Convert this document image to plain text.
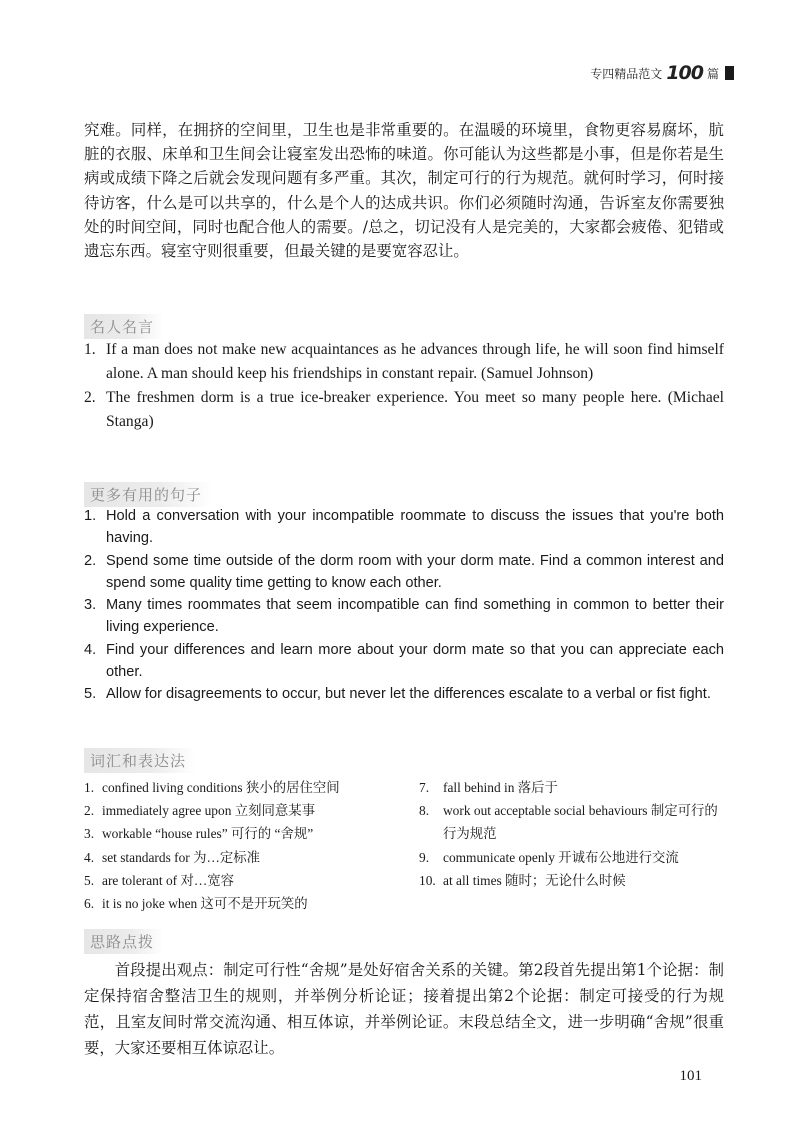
专四精品范文 100 篇
究难。同样，在拥挤的空间里，卫生也是非常重要的。在温暖的环境里，食物更容易腐坏，肮脏的衣服、床单和卫生间会让寝室发出恐怖的味道。你可能认为这些都是小事，但是你若是生病或成绩下降之后就会发现问题有多严重。其次，制定可行的行为规范。就何时学习，何时接待访客，什么是可以共享的，什么是个人的达成共识。你们必须随时沟通，告诉室友你需要独处的时间空间，同时也配合他人的需要。/总之，切记没有人是完美的，大家都会疲倦、犯错或遗忘东西。寝室守则很重要，但最关键的是要宽容忍让。
名人名言
1. If a man does not make new acquaintances as he advances through life, he will soon find himself alone. A man should keep his friendships in constant repair. (Samuel Johnson)
2. The freshmen dorm is a true ice-breaker experience. You meet so many people here. (Michael Stanga)
更多有用的句子
1. Hold a conversation with your incompatible roommate to discuss the issues that you're both having.
2. Spend some time outside of the dorm room with your dorm mate. Find a common interest and spend some quality time getting to know each other.
3. Many times roommates that seem incompatible can find something in common to better their living experience.
4. Find your differences and learn more about your dorm mate so that you can appreciate each other.
5. Allow for disagreements to occur, but never let the differences escalate to a verbal or fist fight.
词汇和表达法
1. confined living conditions 狭小的居住空间
2. immediately agree upon 立刻同意某事
3. workable “house rules” 可行的 “舍规”
4. set standards for 为…定标准
5. are tolerant of 对…宽容
6. it is no joke when 这可不是开玩笑的
7. fall behind in 落后于
8. work out acceptable social behaviours 制定可行的行为规范
9. communicate openly 开诚布公地进行交流
10. at all times 随时；无论什么时候
思路点拨
首段提出观点：制定可行性“舍规”是处好宿舍关系的关键。第2段首先提出第1个论据：制定保持宿舍整洁卫生的规则，并举例分析论证；接着提出第2个论据：制定可接受的行为规范，且室友间时常交流沟通、相互体谅，并举例论证。末段总结全文，进一步明确“舍规”很重要，大家还要相互体谅忍让。
101
